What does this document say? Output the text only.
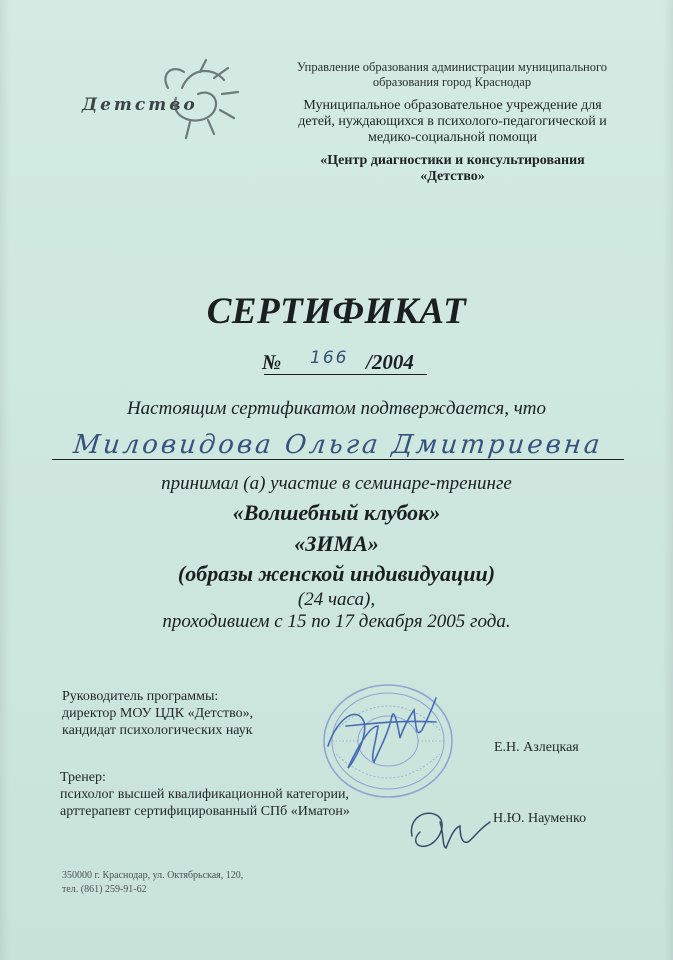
Детство
Управление образования администрации муниципального
образования город Краснодар
Муниципальное образовательное учреждение для
детей, нуждающихся в психолого-педагогической и
медико-социальной помощи
«Центр диагностики и консультирования
«Детство»
СЕРТИФИКАТ
№ 166 /2004
Настоящим сертификатом подтверждается, что
Миловидова Ольга Дмитриевна
принимал (а) участие в семинаре-тренинге
«Волшебный клубок»
«ЗИМА»
(образы женской индивидуации)
(24 часа),
проходившем с 15 по 17 декабря 2005 года.
Руководитель программы:
директор МОУ ЦДК «Детство»,
кандидат психологических наук
Е.Н. Азлецкая
Тренер:
психолог высшей квалификационной категории,
арттерапевт сертифицированный СПб «Иматон»	Н.Ю. Науменко
350000 г. Краснодар, ул. Октябрьская, 120,
тел. (861) 259-91-62
